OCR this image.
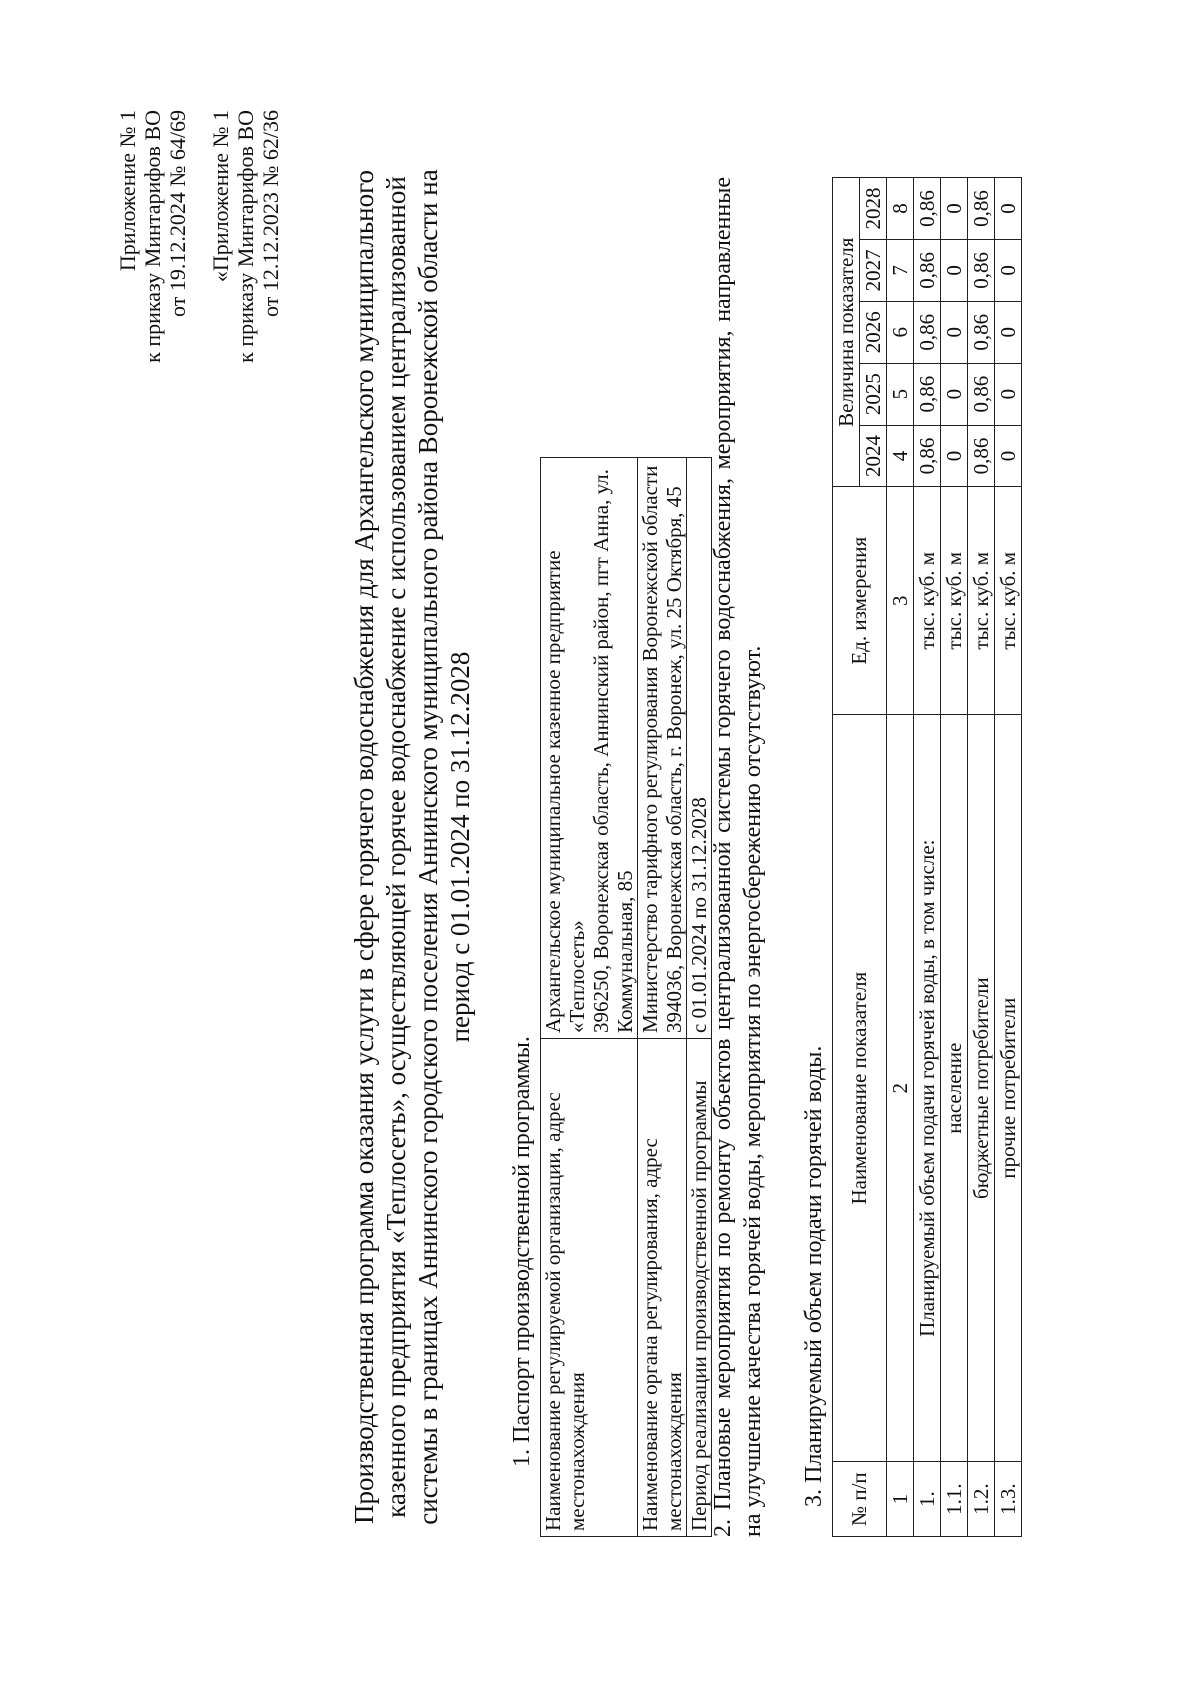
Приложение № 1 к приказу Минтарифов ВО от 19.12.2024 № 64/69 «Приложение № 1 к приказу Минтарифов ВО от 12.12.2023 № 62/36 Производственная программа оказания услуги в сфере горячего водоснабжения для Архангельского муниципального казенного предприятия «Теплосеть», осуществляющей горячее водоснабжение с использованием централизованной системы в границах Аннинского городского поселения Аннинского муниципального района Воронежской области на период с 01.01.2024 по 31.12.2028
1. Паспорт производственной программы. Наименование регулируемой организации, адрес местонахождения	Архангельское муниципальное казенное предприятие «Теплосеть» 396250, Воронежская область, Аннинский район, пгт Анна, ул. Коммунальная, 85

Наименование органа регулирования, адрес местонахождения	Министерство тарифного регулирования Воронежской области 394036, Воронежская область, г. Воронеж, ул. 25 Октября, 45

Период реализации производственной программы	с 01.01.2024 по 31.12.2028 2. Плановые мероприятия по ремонту объектов централизованной системы горячего водоснабжения, мероприятия, направленные на улучшение качества горячей воды, мероприятия по энергосбережению отсутствуют. 3. Планируемый объем подачи горячей воды. № п/п	Наименование показателя	Ед. измерения	Величина показателя				
			2024	2025	2026	2027	2028
1	2	3	4	5	6	7	8
1.	Планируемый объем подачи горячей воды, в том числе:	тыс. куб. м	0,86	0,86	0,86	0,86	0,86
1.1.	население	тыс. куб. м	0	0	0	0	0
1.2.	бюджетные потребители	тыс. куб. м	0,86	0,86	0,86	0,86	0,86
1.3.	прочие потребители	тыс. куб. м	0	0	0	0	0
